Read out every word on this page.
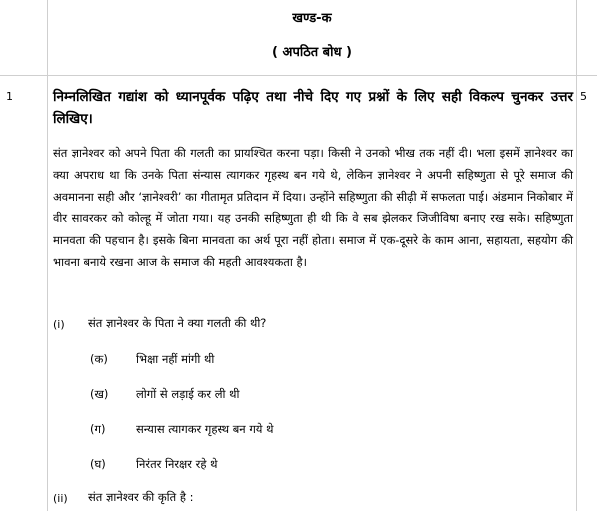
खण्ड-क
( अपठित बोध )
1	5
निम्नलिखित गद्यांश को ध्यानपूर्वक पढ़िए तथा नीचे दिए गए प्रश्नों के लिए सही विकल्प चुनकर उत्तर लिखिए।

संत ज्ञानेश्वर को अपने पिता की गलती का प्रायश्चित करना पड़ा। किसी ने उनको भीख तक नहीं दी। भला इसमें ज्ञानेश्वर का क्या अपराध था कि उनके पिता संन्यास त्यागकर गृहस्थ बन गये थे, लेकिन ज्ञानेश्वर ने अपनी सहिष्णुता से पूरे समाज की अवमानना सही और ‘ज्ञानेश्वरी’ का गीतामृत प्रतिदान में दिया। उन्होंने सहिष्णुता की सीढ़ी में सफलता पाई। अंडमान निकोबार में वीर सावरकर को कोल्हू में जोता गया। यह उनकी सहिष्णुता ही थी कि वे सब झेलकर जिजीविषा बनाए रख सके। सहिष्णुता मानवता की पहचान है। इसके बिना मानवता का अर्थ पूरा नहीं होता। समाज में एक-दूसरे के काम आना, सहायता, सहयोग की भावना बनाये रखना आज के समाज की महती आवश्यकता है।

(i) संत ज्ञानेश्वर के पिता ने क्या गलती की थी?
(क) भिक्षा नहीं मांगी थी
(ख) लोगों से लड़ाई कर ली थी
(ग)	सन्यास त्यागकर गृहस्थ बन गये थे
(घ)	निरंतर निरक्षर रहे थे
(ii) संत ज्ञानेश्वर की कृति है :
